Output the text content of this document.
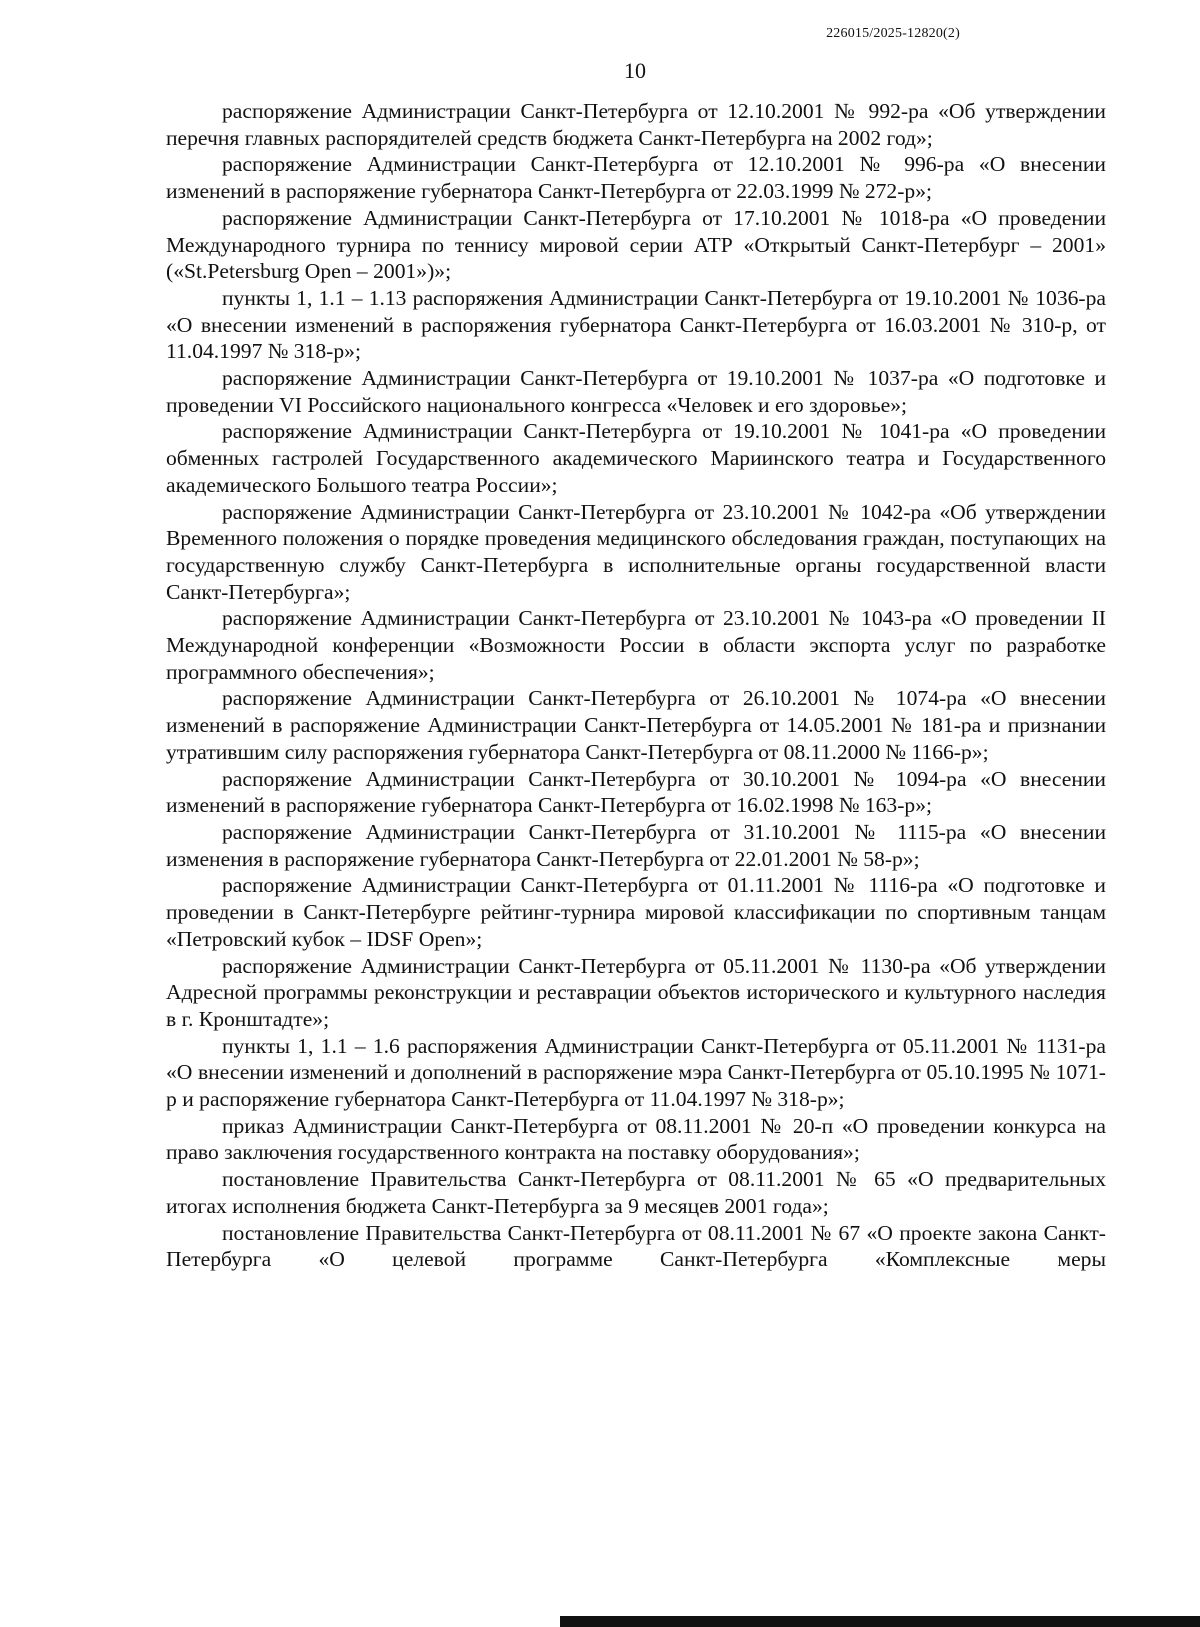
226015/2025-12820(2)
10

распоряжение Администрации Санкт-Петербурга от 12.10.2001 № 992-ра «Об утверждении перечня главных распорядителей средств бюджета Санкт-Петербурга на 2002 год»;

распоряжение Администрации Санкт-Петербурга от 12.10.2001 № 996-ра «О внесении изменений в распоряжение губернатора Санкт-Петербурга от 22.03.1999 № 272-р»;

распоряжение Администрации Санкт-Петербурга от 17.10.2001 № 1018-ра «О проведении Международного турнира по теннису мировой серии АТР «Открытый Санкт-Петербург – 2001» («St.Petersburg Open – 2001»)»;

пункты 1, 1.1 – 1.13 распоряжения Администрации Санкт-Петербурга от 19.10.2001 № 1036-ра «О внесении изменений в распоряжения губернатора Санкт-Петербурга от 16.03.2001 № 310-р, от 11.04.1997 № 318-р»;

распоряжение Администрации Санкт-Петербурга от 19.10.2001 № 1037-ра «О подготовке и проведении VI Российского национального конгресса «Человек и его здоровье»;

распоряжение Администрации Санкт-Петербурга от 19.10.2001 № 1041-ра «О проведении обменных гастролей Государственного академического Мариинского театра и Государственного академического Большого театра России»;

распоряжение Администрации Санкт-Петербурга от 23.10.2001 № 1042-ра «Об утверждении Временного положения о порядке проведения медицинского обследования граждан, поступающих на государственную службу Санкт-Петербурга в исполнительные органы государственной власти Санкт-Петербурга»;

распоряжение Администрации Санкт-Петербурга от 23.10.2001 № 1043-ра «О проведении II Международной конференции «Возможности России в области экспорта услуг по разработке программного обеспечения»;

распоряжение Администрации Санкт-Петербурга от 26.10.2001 № 1074-ра «О внесении изменений в распоряжение Администрации Санкт-Петербурга от 14.05.2001 № 181-ра и признании утратившим силу распоряжения губернатора Санкт-Петербурга от 08.11.2000 № 1166-р»;

распоряжение Администрации Санкт-Петербурга от 30.10.2001 № 1094-ра «О внесении изменений в распоряжение губернатора Санкт-Петербурга от 16.02.1998 № 163-р»;

распоряжение Администрации Санкт-Петербурга от 31.10.2001 № 1115-ра «О внесении изменения в распоряжение губернатора Санкт-Петербурга от 22.01.2001 № 58-р»;

распоряжение Администрации Санкт-Петербурга от 01.11.2001 № 1116-ра «О подготовке и проведении в Санкт-Петербурге рейтинг-турнира мировой классификации по спортивным танцам «Петровский кубок – IDSF Open»;

распоряжение Администрации Санкт-Петербурга от 05.11.2001 № 1130-ра «Об утверждении Адресной программы реконструкции и реставрации объектов исторического и культурного наследия в г. Кронштадте»;

пункты 1, 1.1 – 1.6 распоряжения Администрации Санкт-Петербурга от 05.11.2001 № 1131-ра «О внесении изменений и дополнений в распоряжение мэра Санкт-Петербурга от 05.10.1995 № 1071-р и распоряжение губернатора Санкт-Петербурга от 11.04.1997 № 318-р»;

приказ Администрации Санкт-Петербурга от 08.11.2001 № 20-п «О проведении конкурса на право заключения государственного контракта на поставку оборудования»;

постановление Правительства Санкт-Петербурга от 08.11.2001 № 65 «О предварительных итогах исполнения бюджета Санкт-Петербурга за 9 месяцев 2001 года»;

постановление Правительства Санкт-Петербурга от 08.11.2001 № 67 «О проекте закона Санкт-Петербурга «О целевой программе Санкт-Петербурга «Комплексные меры
